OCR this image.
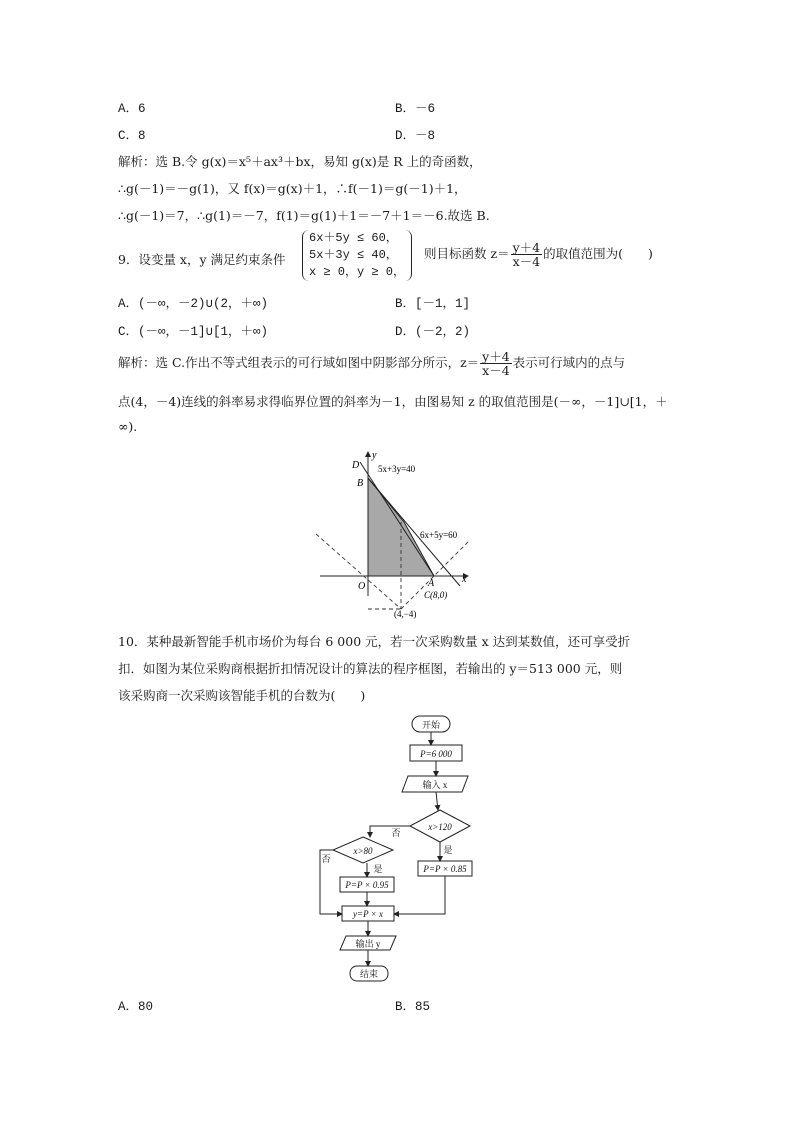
A．6	B．－6
C．8	D．－8
解析：选 B.令 g(x)＝x⁵＋ax³＋bx，易知 g(x)是 R 上的奇函数，
∴g(－1)＝－g(1)，又 f(x)＝g(x)＋1，∴f(－1)＝g(－1)＋1，
∴g(－1)＝7，∴g(1)＝－7，f(1)＝g(1)＋1＝－7＋1＝－6.故选 B.
9．设变量 x，y 满足约束条件
6x＋5y ≤ 60，
5x＋3y ≤ 40，
x ≥ 0，y ≥ 0，
则目标函数 $z= \frac{y+4}{x-4}$ 的取值范围为(　　)
A．(－∞，－2)∪(2，＋∞)	B．[－1，1]
C．(－∞，－1]∪[1，＋∞)	D．(－2，2)
解析：选 C.作出不等式组表示的可行域如图中阴影部分所示，$z= \frac{y+4}{x-4}$ 表示可行域内的点与
点(4，－4)连线的斜率易求得临界位置的斜率为－1，由图易知 z 的取值范围是(－∞，－1]∪[1，＋
∞).
y
x
D
B
O	A
C(8,0)
(4,−4)
5x+3y=40
6x+5y=60
10．某种最新智能手机市场价为每台 6 000 元，若一次采购数量 x 达到某数值，还可享受折
扣．如图为某位采购商根据折扣情况设计的算法的程序框图，若输出的 y＝513 000 元，则
该采购商一次采购该智能手机的台数为(　　)
开始
P=6 000
输入 x
x>120
x>80
P=P × 0.85
P=P × 0.95
y=P × x
输出 y
结束
否
是
否
是
A．80	B．85
